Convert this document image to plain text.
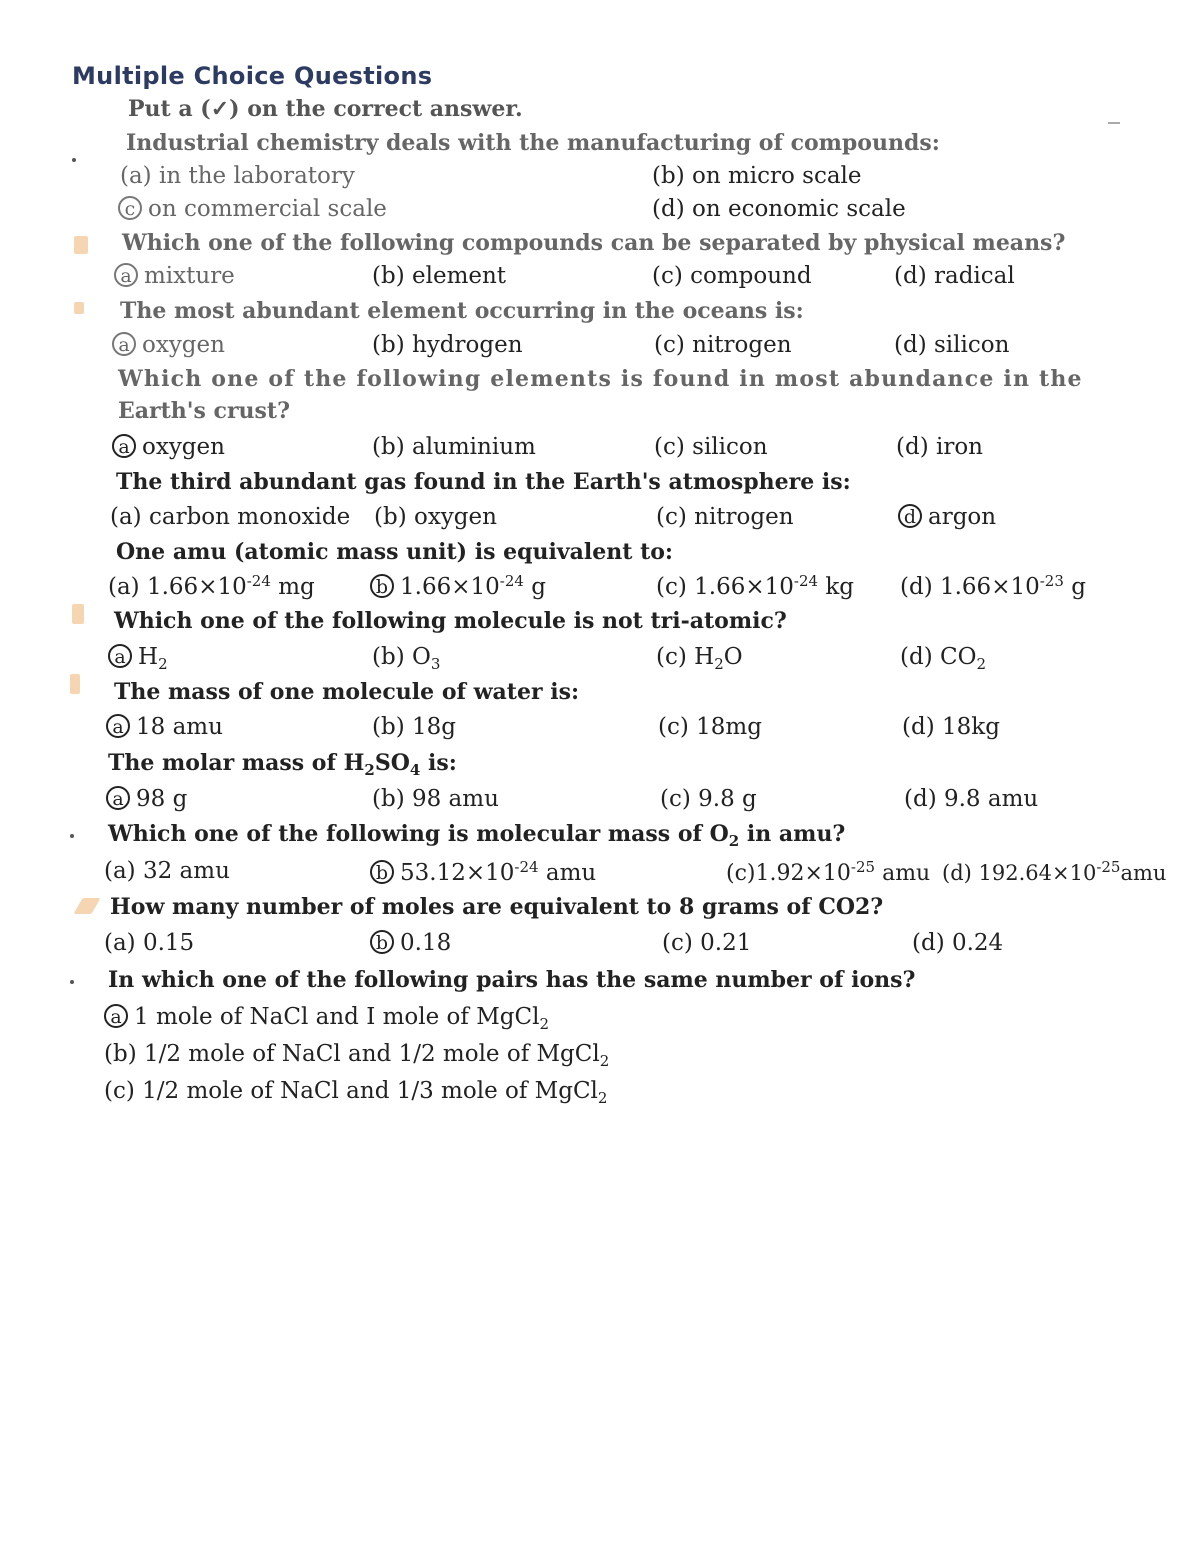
Multiple Choice Questions
Put a (✓) on the correct answer.
Industrial chemistry deals with the manufacturing of compounds:
(a) in the laboratory	(b) on micro scale
c on commercial scale	(d) on economic scale
Which one of the following compounds can be separated by physical means?
a mixture	(b) element	(c) compound	(d) radical
The most abundant element occurring in the oceans is:
a oxygen	(b) hydrogen	(c) nitrogen	(d) silicon
Which one of the following elements is found in most abundance in the
Earth's crust?
a oxygen	(b) aluminium	(c) silicon	(d) iron
The third abundant gas found in the Earth's atmosphere is:
(a) carbon monoxide (b) oxygen	(c) nitrogen	d argon
One amu (atomic mass unit) is equivalent to:
(a) $1.66\times 10^{-24}$ mg	b $1.66\times 10^{-24}$ g	(c) $1.66\times 10^{-24}$ kg (d) $1.66\times 10^{-23}$ g
Which one of the following molecule is not tri-atomic?
a $H_2$	(b) $O_3$	(c) $H_2O$	(d) $CO_2$
The mass of one molecule of water is:
a 18 amu	(b) 18g	(c) 18mg	(d) 18kg
The molar mass of $H_2SO_4$ is:
a 98 g	(b) 98 amu	(c) 9.8 g	(d) 9.8 amu
Which one of the following is molecular mass of $O_2$ in amu?
(a) 32 amu	b $53.12\times 10^{-24}$ amu	$(c)1.92\times 10^{-25}$ amu (d) $192.64\times 10^{-25}amu$
How many number of moles are equivalent to 8 grams of CO2?
(a) 0.15	b 0.18	(c) 0.21	(d) 0.24
In which one of the following pairs has the same number of ions?
a 1 mole of NaCl and I mole of MgCl$_2$
(b) 1/2 mole of NaCl and 1/2 mole of MgCl$_2$
(c) 1/2 mole of NaCl and 1/3 mole of MgCl$_2$
